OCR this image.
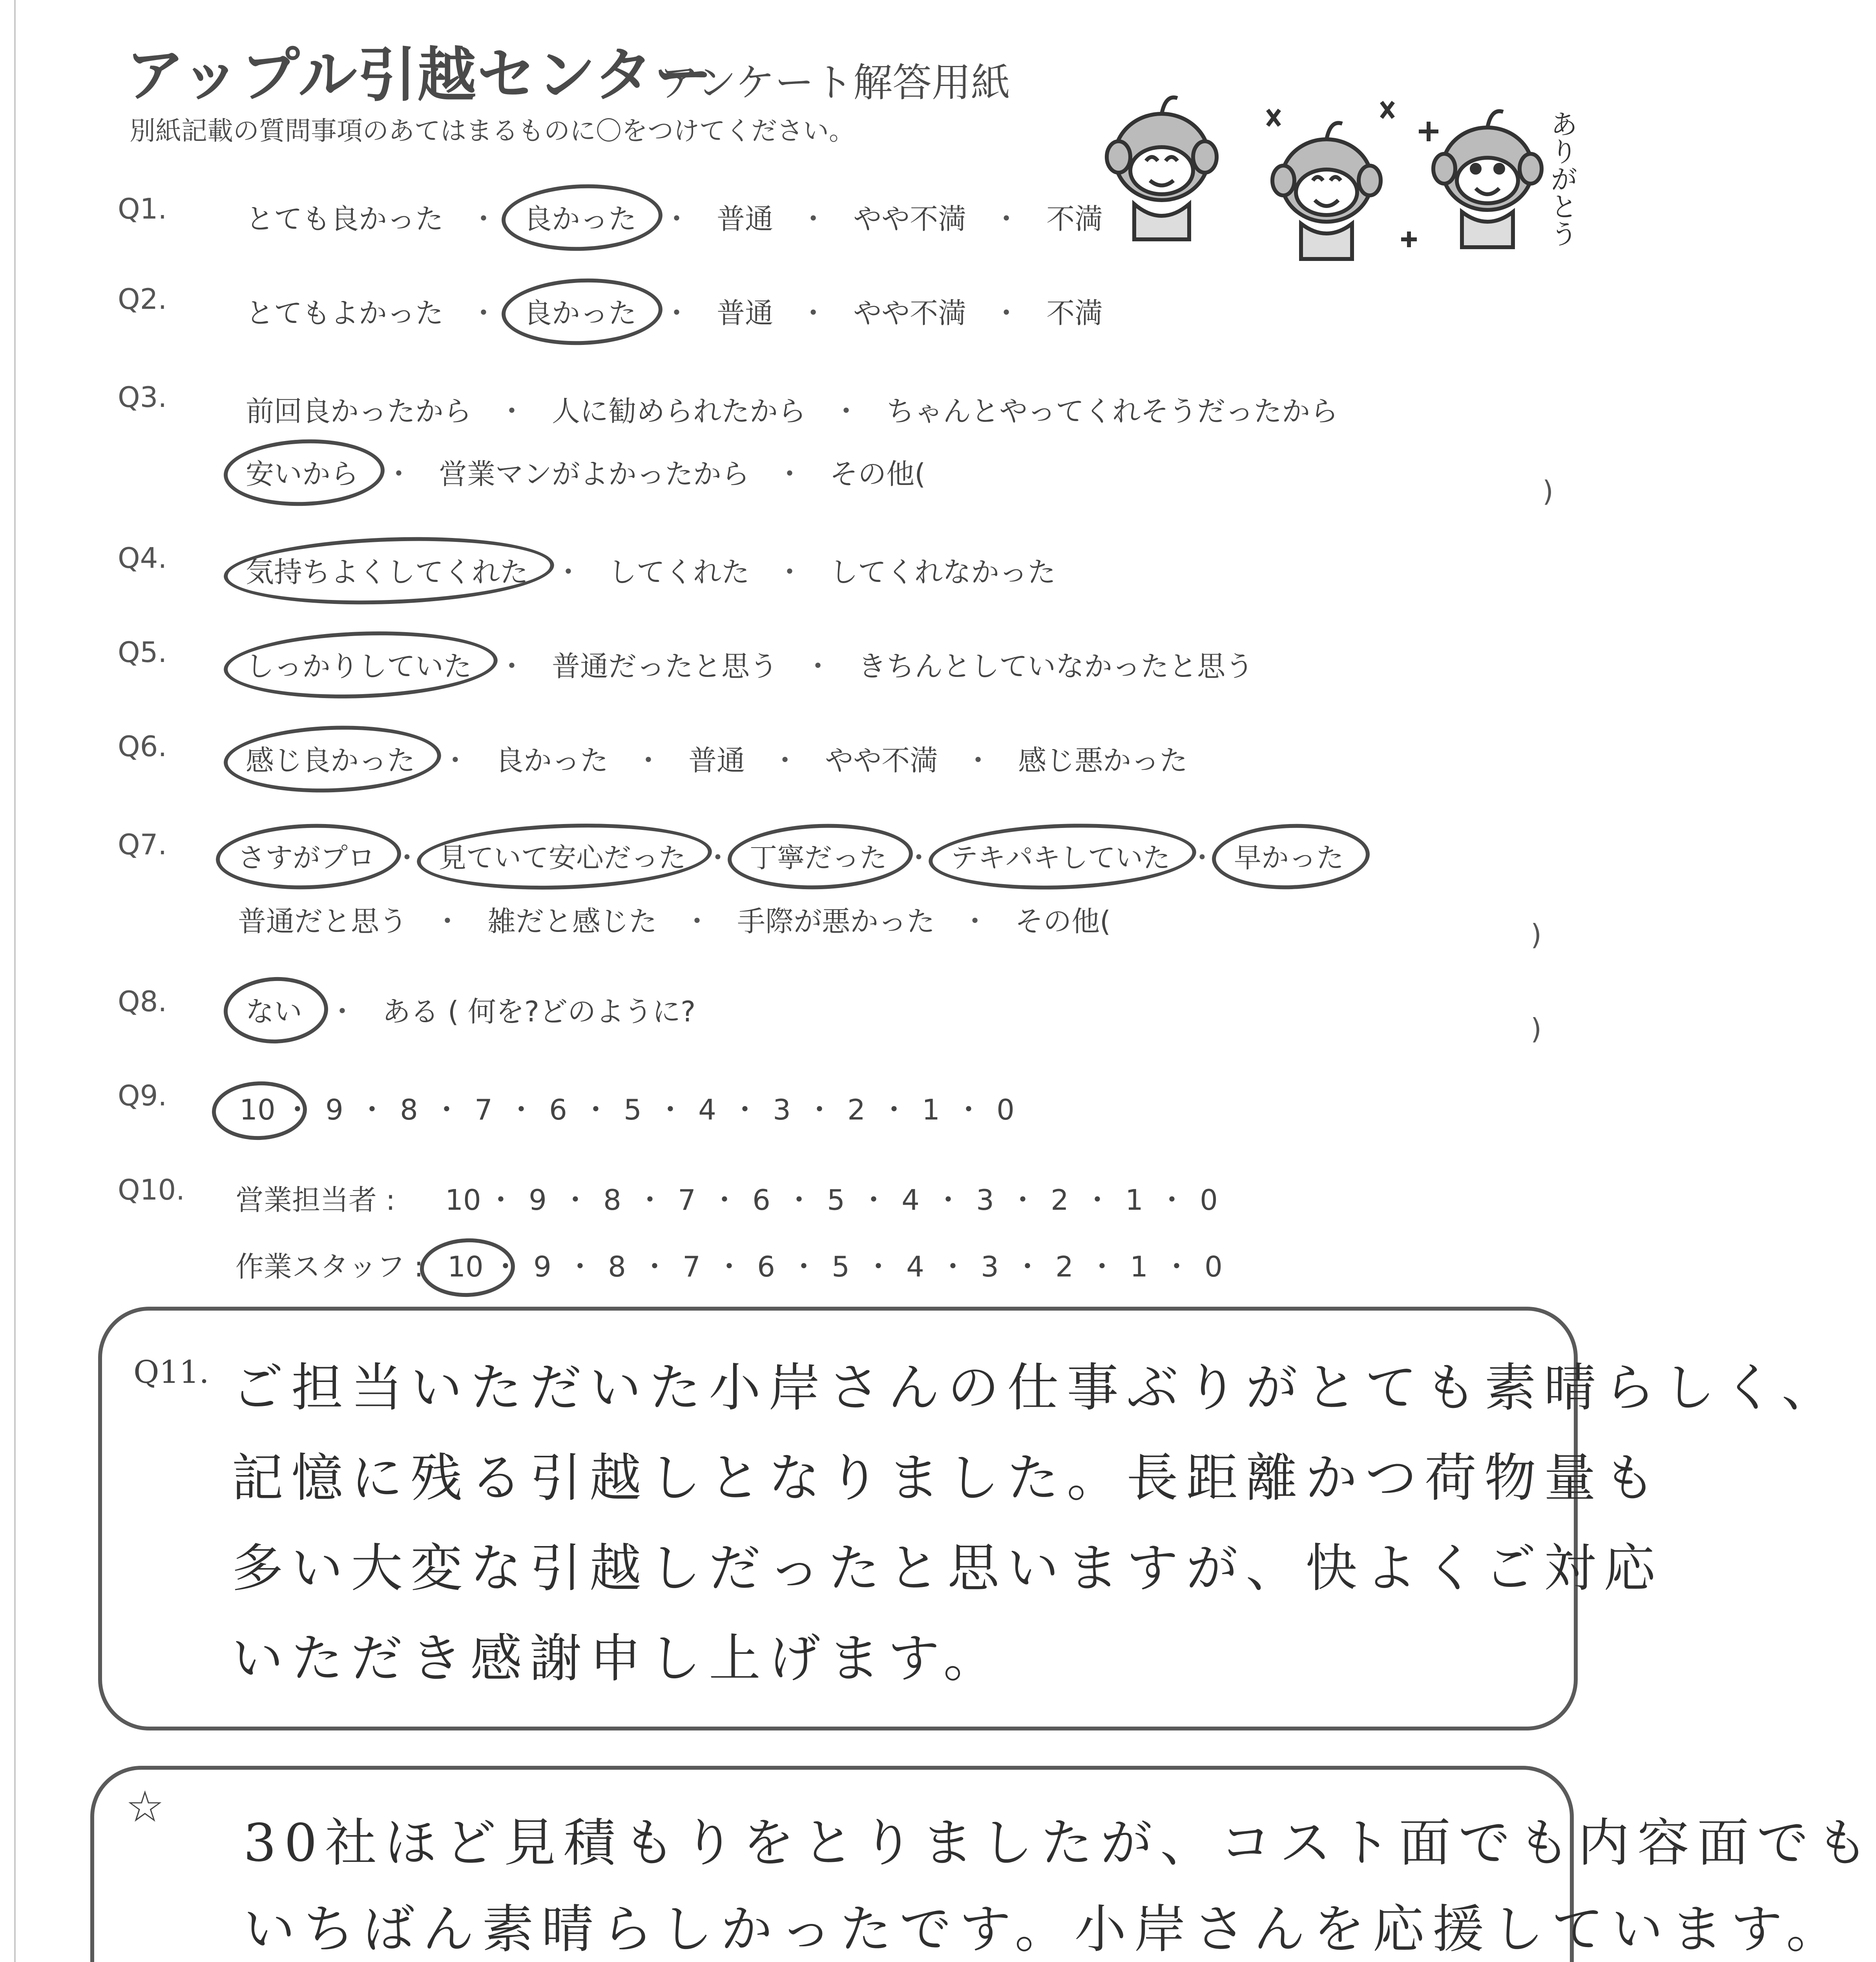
アップル引越センター
アンケート解答用紙
別紙記載の質問事項のあてはまるものに〇をつけてください。	ありがとう
Q1.	とても良かった ・ 良かった ・ 普通 ・ やや不満 ・ 不満
Q2.	とてもよかった ・ 良かった ・ 普通 ・ やや不満 ・ 不満
Q3.	前回良かったから ・ 人に勧められたから ・ ちゃんとやってくれそうだったから
安いから ・ 営業マンがよかったから ・ その他(
)
Q4.	気持ちよくしてくれた ・ してくれた ・ してくれなかった
Q5.	しっかりしていた ・ 普通だったと思う ・ きちんとしていなかったと思う
Q6.	感じ良かった ・ 良かった ・ 普通 ・ やや不満 ・ 感じ悪かった
Q7.	さすがプロ ・ 見ていて安心だった ・ 丁寧だった ・ テキパキしていた ・ 早かった
普通だと思う ・ 雑だと感じた ・ 手際が悪かった ・ その他(	)
Q8.	ない ・ ある ( 何を?どのように?
)
Q9.	10 ・ 9 ・ 8 ・ 7 ・ 6 ・ 5 ・ 4 ・ 3 ・ 2 ・ 1 ・ 0
Q10. 営業担当者 : 10 ・ 9 ・ 8 ・ 7 ・ 6 ・ 5 ・ 4 ・ 3 ・ 2 ・ 1 ・ 0
作業スタッフ : 10 ・ 9 ・ 8 ・ 7 ・ 6 ・ 5 ・ 4 ・ 3 ・ 2 ・ 1 ・ 0
Q11. ご担当いただいた小岸さんの仕事ぶりがとても素晴らしく、
記憶に残る引越しとなりました。長距離かつ荷物量も
多い大変な引越しだったと思いますが、快よくご対応
いただき感謝申し上げます。
☆
30社ほど見積もりをとりましたが、コスト面でも内容面でも
いちばん素晴らしかったです。小岸さんを応援しています。
